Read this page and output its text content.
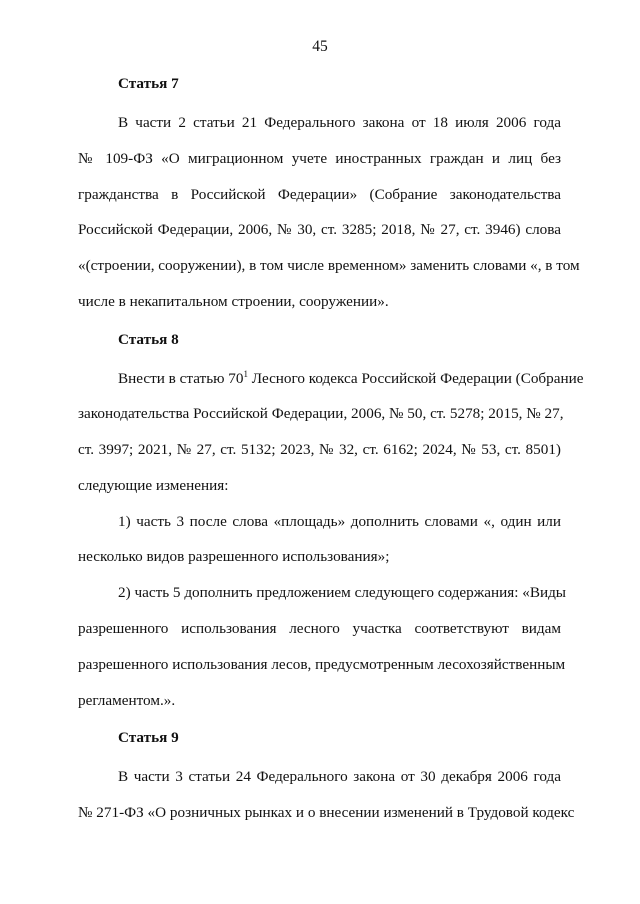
45
Статья 7
В части 2 статьи 21 Федерального закона от 18 июля 2006 года
№ 109-ФЗ «О миграционном учете иностранных граждан и лиц без
гражданства в Российской Федерации» (Собрание законодательства
Российской Федерации, 2006, № 30, ст. 3285; 2018, № 27, ст. 3946) слова
«(строении, сооружении), в том числе временном» заменить словами «, в том
числе в некапитальном строении, сооружении».
Статья 8
Внести в статью $70^1$ Лесного кодекса Российской Федерации (Собрание
законодательства Российской Федерации, 2006, № 50, ст. 5278; 2015, № 27,
ст. 3997; 2021, № 27, ст. 5132; 2023, № 32, ст. 6162; 2024, № 53, ст. 8501)
следующие изменения:
1) часть 3 после слова «площадь» дополнить словами «, один или
несколько видов разрешенного использования»;
2) часть 5 дополнить предложением следующего содержания: «Виды
разрешенного использования лесного участка соответствуют видам
разрешенного использования лесов, предусмотренным лесохозяйственным
регламентом.».
Статья 9
В части 3 статьи 24 Федерального закона от 30 декабря 2006 года
№ 271-ФЗ «О розничных рынках и о внесении изменений в Трудовой кодекс
